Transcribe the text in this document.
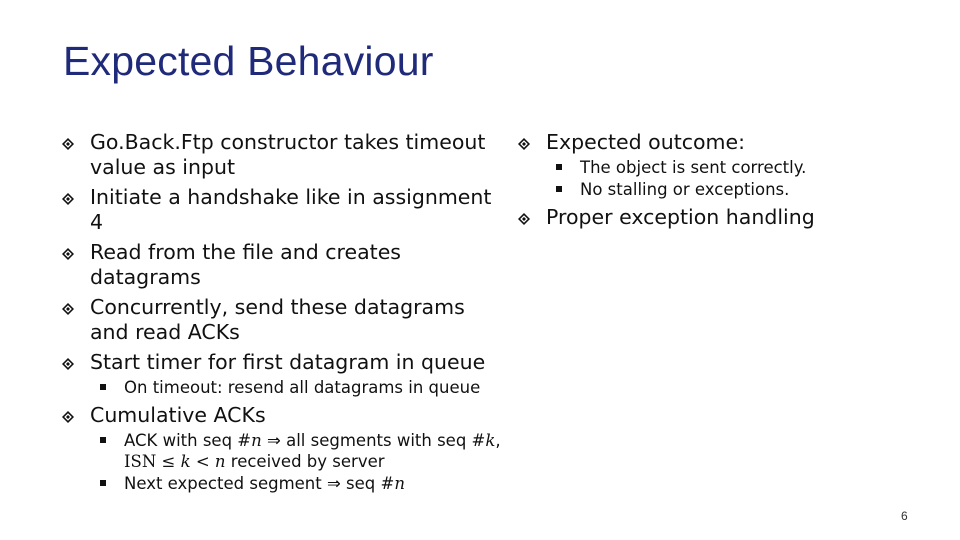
Expected Behaviour
Go.Back.Ftp constructor takes timeout value as input
Initiate a handshake like in assignment 4
Read from the file and creates datagrams
Concurrently, send these datagrams and read ACKs
Start timer for first datagram in queue
On timeout: resend all datagrams in queue
Cumulative ACKs
ACK with seq #n ⇒ all segments with seq #k, ISN ≤ k < n received by server
Next expected segment ⇒ seq #n
Expected outcome:
The object is sent correctly.
No stalling or exceptions.
Proper exception handling
6
